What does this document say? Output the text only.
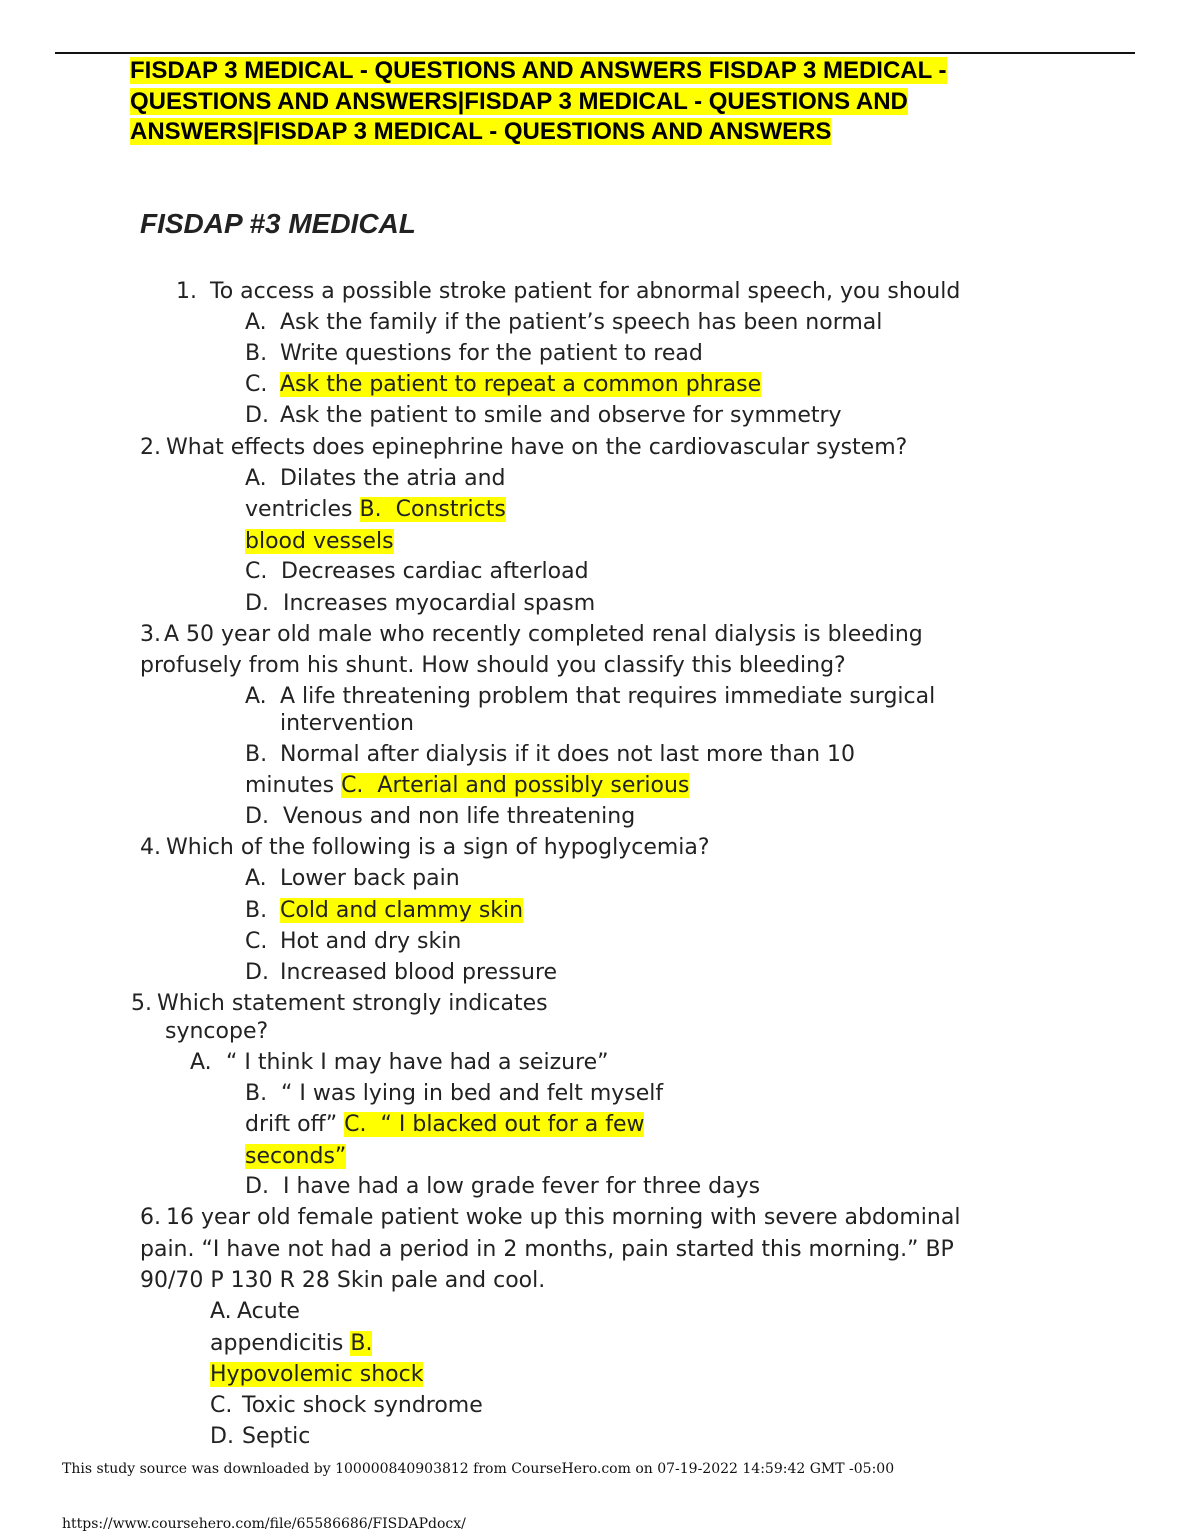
FISDAP 3 MEDICAL - QUESTIONS AND ANSWERS FISDAP 3 MEDICAL -
QUESTIONS AND ANSWERS|FISDAP 3 MEDICAL - QUESTIONS AND
ANSWERS|FISDAP 3 MEDICAL - QUESTIONS AND ANSWERS
FISDAP #3 MEDICAL
1. To access a possible stroke patient for abnormal speech, you should
A. Ask the family if the patient’s speech has been normal
B. Write questions for the patient to read
C. Ask the patient to repeat a common phrase
D. Ask the patient to smile and observe for symmetry
2. What effects does epinephrine have on the cardiovascular system?
A. Dilates the atria and
ventricles B. Constricts
blood vessels
C. Decreases cardiac afterload
D. Increases myocardial spasm
3. A 50 year old male who recently completed renal dialysis is bleeding
profusely from his shunt. How should you classify this bleeding?
A. A life threatening problem that requires immediate surgical
intervention
B. Normal after dialysis if it does not last more than 10
minutes C. Arterial and possibly serious
D. Venous and non life threatening
4. Which of the following is a sign of hypoglycemia?
A. Lower back pain
B. Cold and clammy skin
C. Hot and dry skin
D. Increased blood pressure
5. Which statement strongly indicates
syncope?
A. “ I think I may have had a seizure”
B. “ I was lying in bed and felt myself
drift off” C. “ I blacked out for a few
seconds”
D. I have had a low grade fever for three days
6. 16 year old female patient woke up this morning with severe abdominal
pain. “I have not had a period in 2 months, pain started this morning.” BP
90/70 P 130 R 28 Skin pale and cool.
A. Acute
appendicitis B.
Hypovolemic shock
C. Toxic shock syndrome
D. Septic
This study source was downloaded by 100000840903812 from CourseHero.com on 07-19-2022 14:59:42 GMT -05:00
https://www.coursehero.com/file/65586686/FISDAPdocx/
